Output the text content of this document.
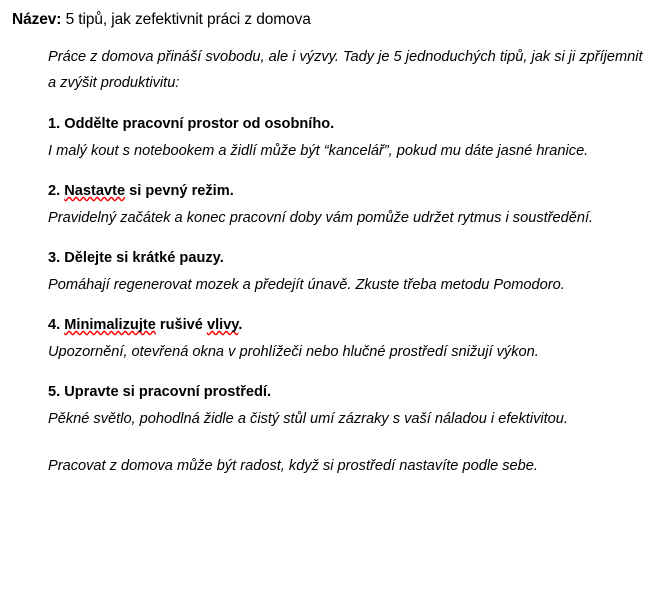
Název: 5 tipů, jak zefektivnit práci z domova

Práce z domova přináší svobodu, ale i výzvy. Tady je 5 jednoduchých tipů, jak si ji zpříjemnit a zvýšit produktivitu:

1. Oddělte pracovní prostor od osobního.

I malý kout s notebookem a židlí může být “kancelář”, pokud mu dáte jasné hranice.

2. Nastavte si pevný režim.

Pravidelný začátek a konec pracovní doby vám pomůže udržet rytmus i soustředění.

3. Dělejte si krátké pauzy.

Pomáhají regenerovat mozek a předejít únavě. Zkuste třeba metodu Pomodoro.

4. Minimalizujte rušivé vlivy.

Upozornění, otevřená okna v prohlížeči nebo hlučné prostředí snižují výkon.

5. Upravte si pracovní prostředí.

Pěkné světlo, pohodlná židle a čistý stůl umí zázraky s vaší náladou i efektivitou.

Pracovat z domova může být radost, když si prostředí nastavíte podle sebe.
